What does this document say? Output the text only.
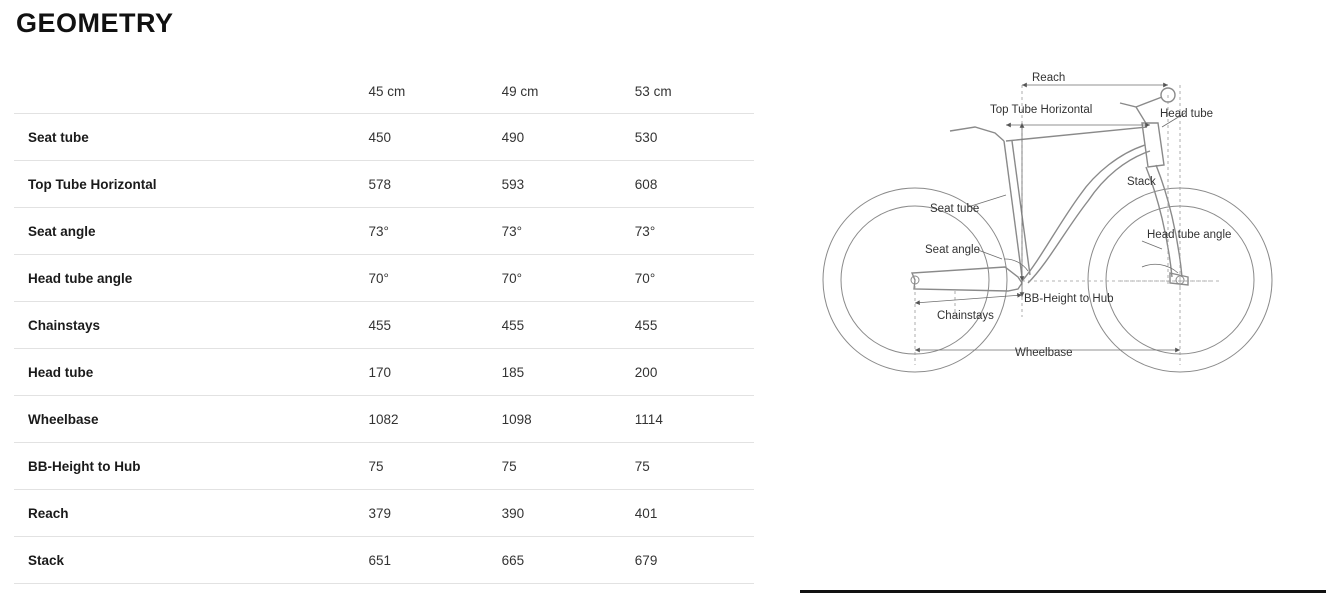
GEOMETRY
	45 cm	49 cm	53 cm
Seat tube	450	490	530
Top Tube Horizontal	578	593	608
Seat angle	73°	73°	73°
Head tube angle	70°	70°	70°
Chainstays	455	455	455
Head tube	170	185	200
Wheelbase	1082	1098	1114
BB-Height to Hub	75	75	75
Reach	379	390	401
Stack	651	665	679
Reach
Top Tube Horizontal	Head tube
Stack
Seat tube
Seat angle
Head tube angle
BB-Height to Hub
Chainstays
Wheelbase
